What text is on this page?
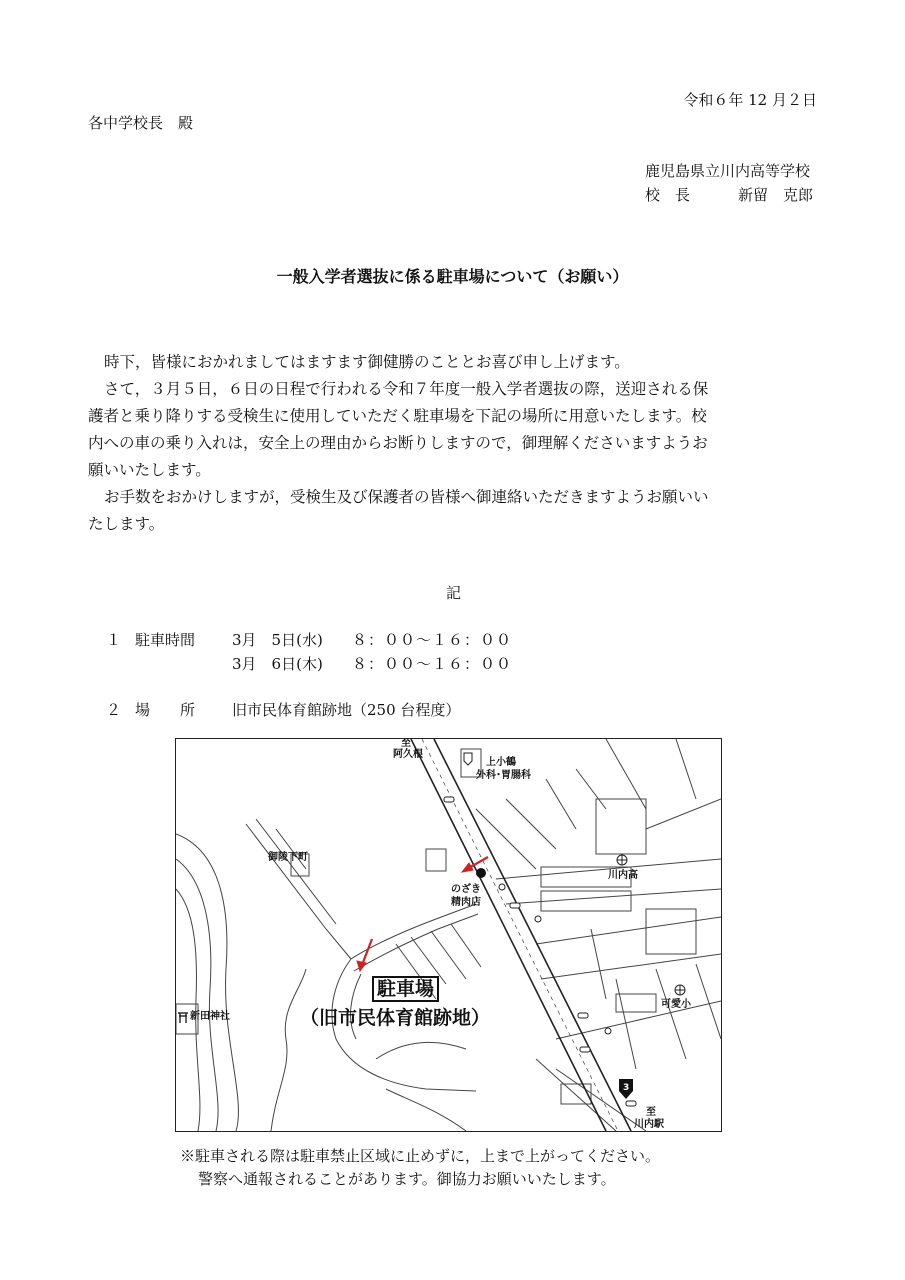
令和６年 12 月２日
各中学校長　殿
鹿児島県立川内高等学校
校　長	新留　克郎
一般入学者選抜に係る駐車場について（お願い）

時下，皆様におかれましてはますます御健勝のこととお喜び申し上げます。

さて，３月５日，６日の日程で行われる令和７年度一般入学者選抜の際，送迎される保

護者と乗り降りする受検生に使用していただく駐車場を下記の場所に用意いたします。校

内への車の乗り入れは，安全上の理由からお断りしますので，御理解くださいますようお

願いいたします。

お手数をおかけしますが，受検生及び保護者の皆様へ御連絡いただきますようお願いい

たします。

記
１ 駐車時間 3月　5日(水) ８：００～１６：００
3月　6日(木) ８：００～１６：００
２ 場　　所 旧市民体育館跡地（250 台程度）
至
阿久根
上小鶴
外科･胃腸科
御陵下町
のざき
精肉店
川内高
駐車場
（旧市民体育館跡地）
新田神社
可愛小
3
至
川内駅
※駐車される際は駐車禁止区域に止めずに，上まで上がってください。
警察へ通報されることがあります。御協力お願いいたします。
